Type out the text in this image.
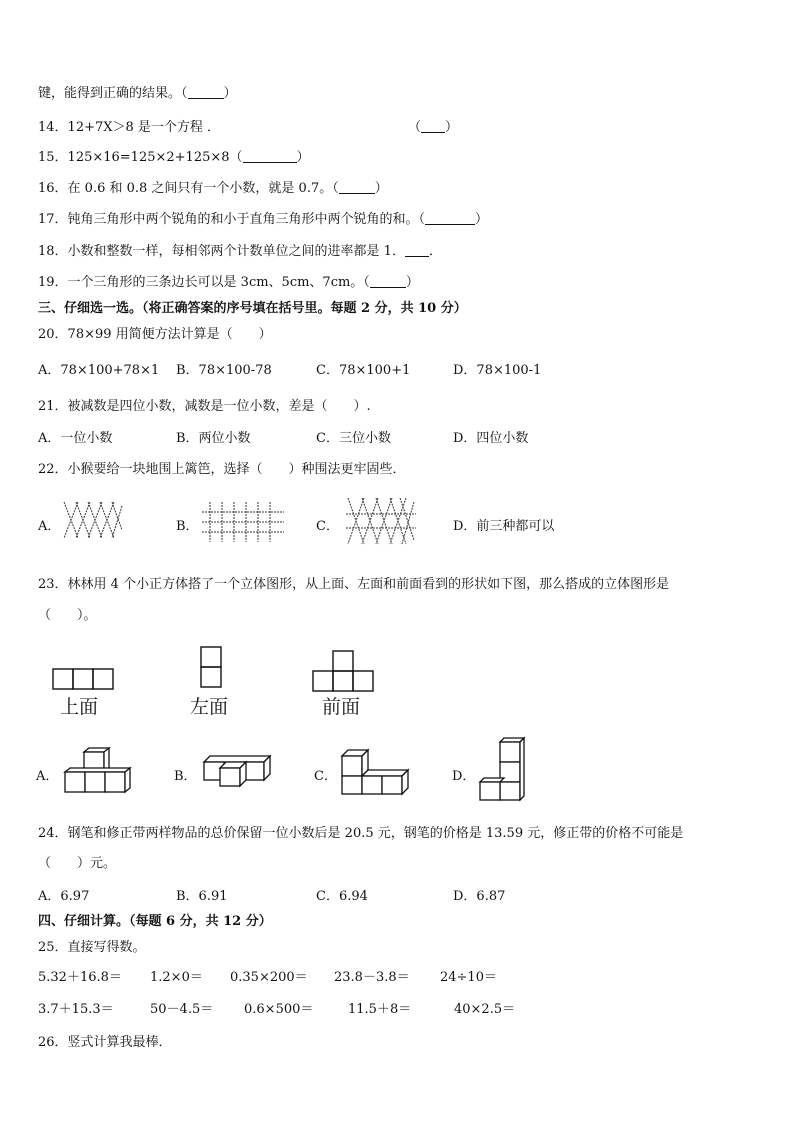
键，能得到正确的结果。（	）
14．12+7X＞8 是一个方程 ．	（ ）
15．125×16=125×2+125×8（	）
16．在 0.6 和 0.8 之间只有一个小数，就是 0.7。（	）
17．钝角三角形中两个锐角的和小于直角三角形中两个锐角的和。（	）
18．小数和整数一样，每相邻两个计数单位之间的进率都是 1． ．
19．一个三角形的三条边长可以是 3cm、5cm、7cm。（	）
三、仔细选一选。（将正确答案的序号填在括号里。每题 2 分，共 10 分）
20．78×99 用简便方法计算是（　　）
A．78×100+78×1 B．78×100-78	C．78×100+1	D．78×100-1
21．被减数是四位小数，减数是一位小数，差是（　　）.
A．一位小数	B．两位小数	C．三位小数	D．四位小数
22．小猴要给一块地围上篱笆，选择（　　）种围法更牢固些．
A．	B．	C．	D．前三种都可以
23．林林用 4 个小正方体搭了一个立体图形，从上面、左面和前面看到的形状如下图，那么搭成的立体图形是
（　　）。
上面	左面	前面
A．	B．	C．	D．
24．钢笔和修正带两样物品的总价保留一位小数后是 20.5 元，钢笔的价格是 13.59 元，修正带的价格不可能是
（　　）元。
A．6.97	B．6.91	C．6.94	D．6.87
四、仔细计算。（每题 6 分，共 12 分）
25．直接写得数。
5.32＋16.8＝ 1.2×0＝ 0.35×200＝ 23.8－3.8＝ 24÷10＝
3.7＋15.3＝	50－4.5＝ 0.6×500＝	11.5＋8＝	40×2.5＝
26．竖式计算我最棒．
